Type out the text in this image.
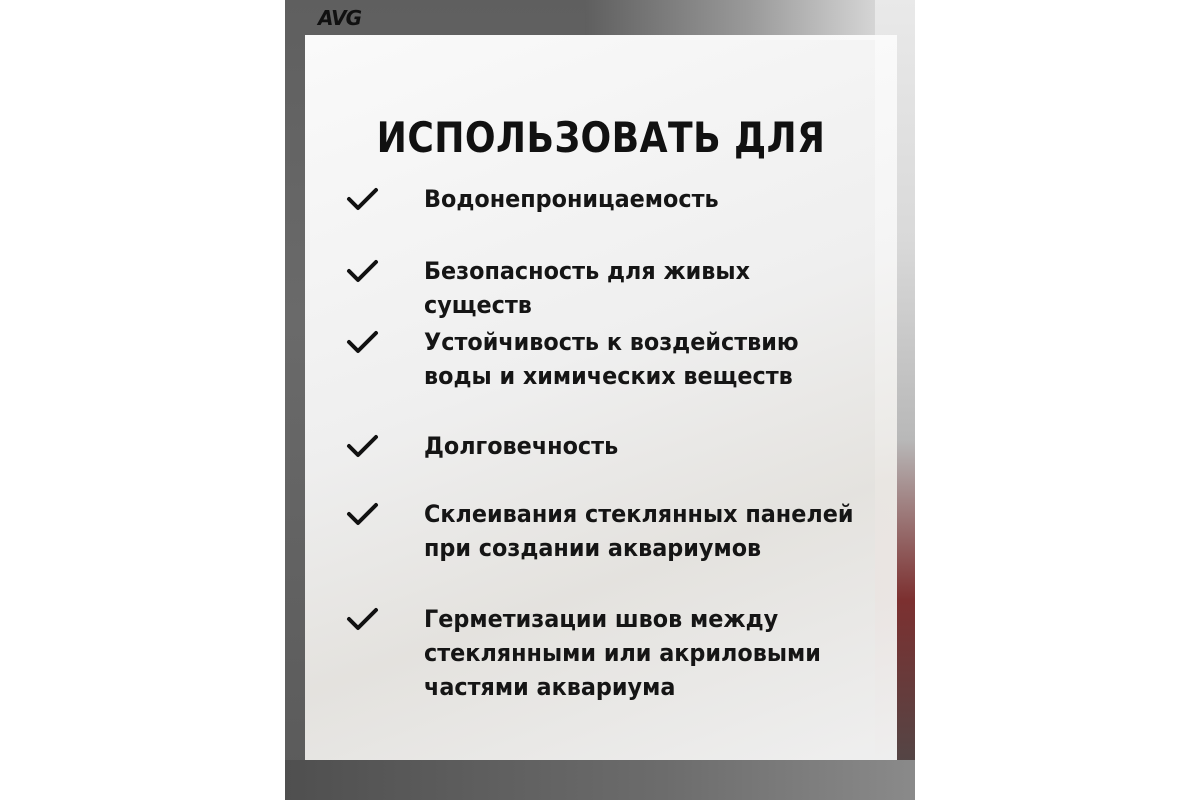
AVG
ИСПОЛЬЗОВАТЬ ДЛЯ
Водонепроницаемость
Безопасность для живых существ
Устойчивость к воздействию воды и химических веществ
Долговечность
Склеивания стеклянных панелей при создании аквариумов
Герметизации швов между стеклянными или акриловыми частями аквариума
